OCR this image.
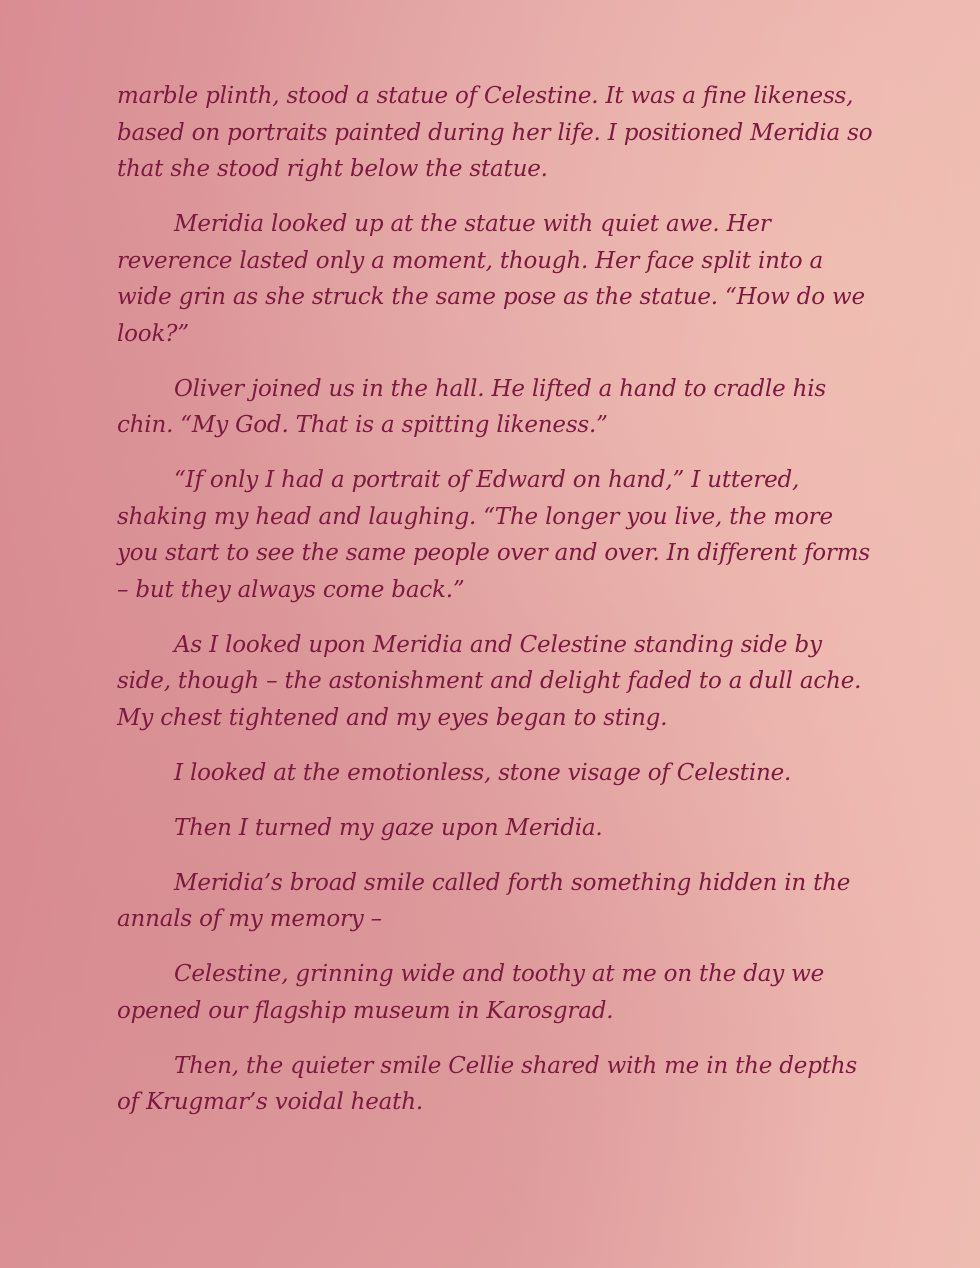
marble plinth, stood a statue of Celestine. It was a fine likeness, based on portraits painted during her life. I positioned Meridia so that she stood right below the statue.

Meridia looked up at the statue with quiet awe. Her reverence lasted only a moment, though. Her face split into a wide grin as she struck the same pose as the statue. “How do we look?”

Oliver joined us in the hall. He lifted a hand to cradle his chin. “My God. That is a spitting likeness.”

“If only I had a portrait of Edward on hand,” I uttered, shaking my head and laughing. “The longer you live, the more you start to see the same people over and over. In different forms – but they always come back.”

As I looked upon Meridia and Celestine standing side by side, though – the astonishment and delight faded to a dull ache. My chest tightened and my eyes began to sting.

I looked at the emotionless, stone visage of Celestine.

Then I turned my gaze upon Meridia.

Meridia’s broad smile called forth something hidden in the annals of my memory –

Celestine, grinning wide and toothy at me on the day we opened our flagship museum in Karosgrad.

Then, the quieter smile Cellie shared with me in the depths of Krugmar’s voidal heath.
